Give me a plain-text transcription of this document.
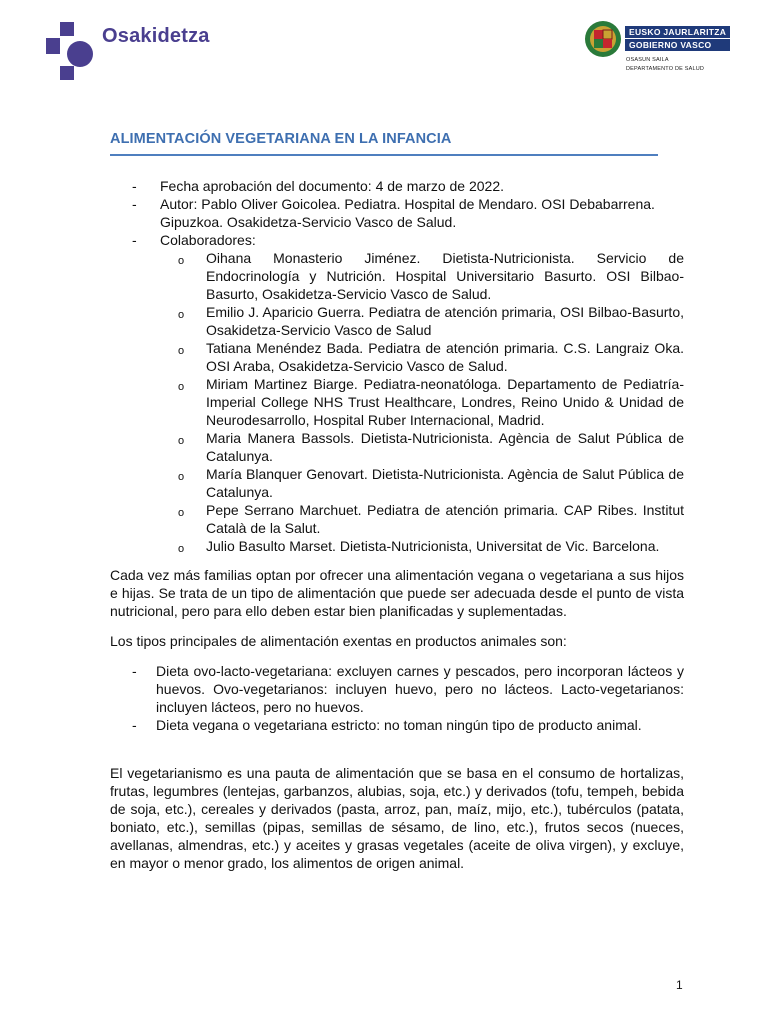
Osakidetza	EUSKO JAURLARITZA
GOBIERNO VASCO
OSASUN SAILA
DEPARTAMENTO DE SALUD
ALIMENTACIÓN VEGETARIANA EN LA INFANCIA
-	Fecha aprobación del documento: 4 de marzo de 2022.
-	Autor: Pablo Oliver Goicolea. Pediatra. Hospital de Mendaro. OSI Debabarrena. Gipuzkoa. Osakidetza-Servicio Vasco de Salud.
-	Colaboradores:
o	Oihana Monasterio Jiménez. Dietista-Nutricionista. Servicio de Endocrinología y Nutrición. Hospital Universitario Basurto. OSI Bilbao-Basurto, Osakidetza-Servicio Vasco de Salud.
o	Emilio J. Aparicio Guerra. Pediatra de atención primaria, OSI Bilbao-Basurto, Osakidetza-Servicio Vasco de Salud
o	Tatiana Menéndez Bada. Pediatra de atención primaria. C.S. Langraiz Oka. OSI Araba, Osakidetza-Servicio Vasco de Salud.
o	Miriam Martinez Biarge. Pediatra-neonatóloga. Departamento de Pediatría-Imperial College NHS Trust Healthcare, Londres, Reino Unido & Unidad de Neurodesarrollo, Hospital Ruber Internacional, Madrid.
o	Maria Manera Bassols. Dietista-Nutricionista. Agència de Salut Pública de Catalunya.
o	María Blanquer Genovart. Dietista-Nutricionista. Agència de Salut Pública de Catalunya.
o	Pepe Serrano Marchuet. Pediatra de atención primaria. CAP Ribes. Institut Català de la Salut.
o	Julio Basulto Marset. Dietista-Nutricionista, Universitat de Vic. Barcelona.

Cada vez más familias optan por ofrecer una alimentación vegana o vegetariana a sus hijos e hijas. Se trata de un tipo de alimentación que puede ser adecuada desde el punto de vista nutricional, pero para ello deben estar bien planificadas y suplementadas.

Los tipos principales de alimentación exentas en productos animales son:

-	Dieta ovo-lacto-vegetariana: excluyen carnes y pescados, pero incorporan lácteos y huevos. Ovo-vegetarianos: incluyen huevo, pero no lácteos. Lacto-vegetarianos: incluyen lácteos, pero no huevos.
-	Dieta vegana o vegetariana estricto: no toman ningún tipo de producto animal.

El vegetarianismo es una pauta de alimentación que se basa en el consumo de hortalizas, frutas, legumbres (lentejas, garbanzos, alubias, soja, etc.) y derivados (tofu, tempeh, bebida de soja, etc.), cereales y derivados (pasta, arroz, pan, maíz, mijo, etc.), tubérculos (patata, boniato, etc.), semillas (pipas, semillas de sésamo, de lino, etc.), frutos secos (nueces, avellanas, almendras, etc.) y aceites y grasas vegetales (aceite de oliva virgen), y excluye, en mayor o menor grado, los alimentos de origen animal.

1
